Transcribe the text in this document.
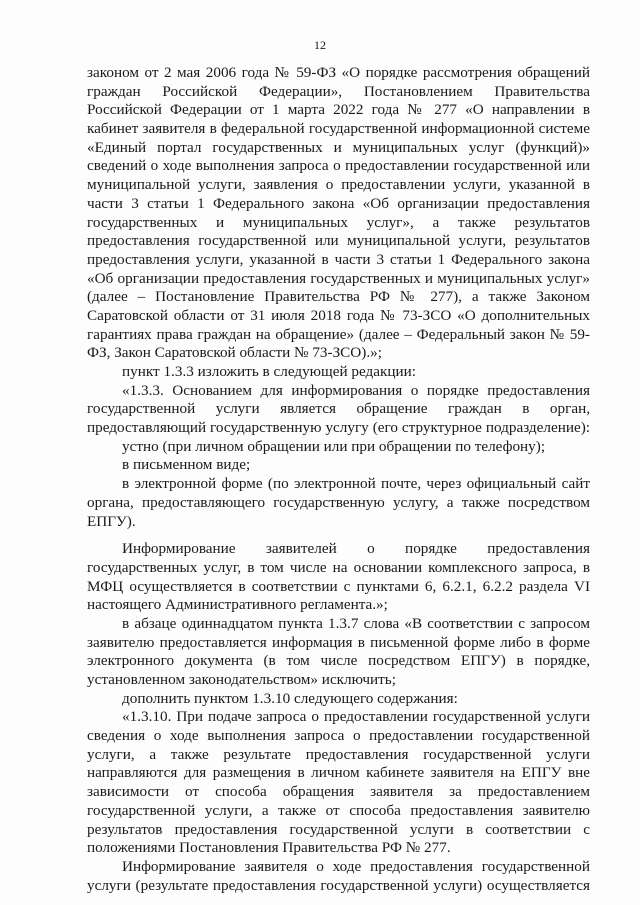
12
законом от 2 мая 2006 года № 59-ФЗ «О порядке рассмотрения обращений
граждан Российской Федерации», Постановлением Правительства
Российской Федерации от 1 марта 2022 года № 277 «О направлении в
кабинет заявителя в федеральной государственной информационной системе
«Единый портал государственных и муниципальных услуг (функций)»
сведений о ходе выполнения запроса о предоставлении государственной или
муниципальной услуги, заявления о предоставлении услуги, указанной в
части 3 статьи 1 Федерального закона «Об организации предоставления
государственных и муниципальных услуг», а также результатов
предоставления государственной или муниципальной услуги, результатов
предоставления услуги, указанной в части 3 статьи 1 Федерального закона
«Об организации предоставления государственных и муниципальных услуг»
(далее – Постановление Правительства РФ № 277), а также Законом
Саратовской области от 31 июля 2018 года № 73-ЗСО «О дополнительных
гарантиях права граждан на обращение» (далее – Федеральный закон № 59-
ФЗ, Закон Саратовской области № 73-ЗСО).»;
пункт 1.3.3 изложить в следующей редакции:
«1.3.3. Основанием для информирования о порядке предоставления
государственной услуги является обращение граждан в орган,
предоставляющий государственную услугу (его структурное подразделение):
устно (при личном обращении или при обращении по телефону);
в письменном виде;
в электронной форме (по электронной почте, через официальный сайт
органа, предоставляющего государственную услугу, а также посредством
ЕПГУ).
Информирование заявителей о порядке предоставления
государственных услуг, в том числе на основании комплексного запроса, в
МФЦ осуществляется в соответствии с пунктами 6, 6.2.1, 6.2.2 раздела VI
настоящего Административного регламента.»;
в абзаце одиннадцатом пункта 1.3.7 слова «В соответствии с запросом
заявителю предоставляется информация в письменной форме либо в форме
электронного документа (в том числе посредством ЕПГУ) в порядке,
установленном законодательством» исключить;
дополнить пунктом 1.3.10 следующего содержания:
«1.3.10. При подаче запроса о предоставлении государственной услуги
сведения о ходе выполнения запроса о предоставлении государственной
услуги, а также результате предоставления государственной услуги
направляются для размещения в личном кабинете заявителя на ЕПГУ вне
зависимости от способа обращения заявителя за предоставлением
государственной услуги, а также от способа предоставления заявителю
результатов предоставления государственной услуги в соответствии с
положениями Постановления Правительства РФ № 277.
Информирование заявителя о ходе предоставления государственной
услуги (результате предоставления государственной услуги) осуществляется
